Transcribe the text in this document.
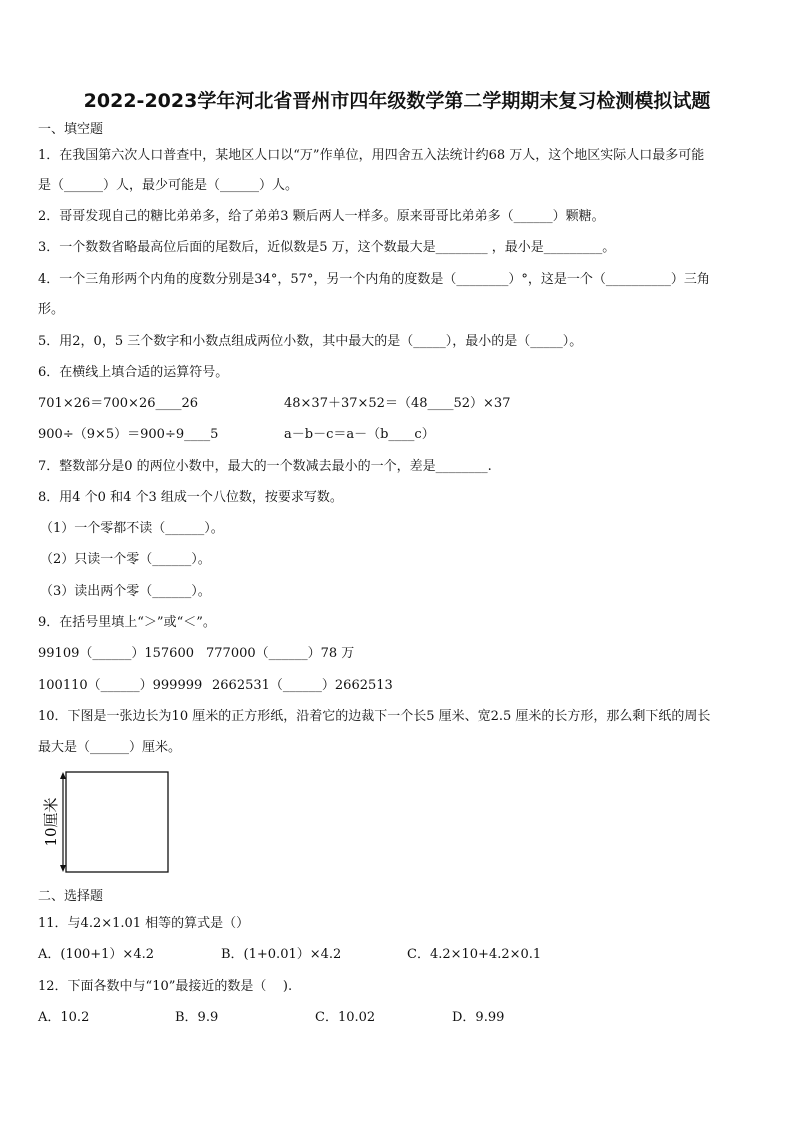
2022-2023学年河北省晋州市四年级数学第二学期期末复习检测模拟试题
一、填空题
1．在我国第六次人口普查中，某地区人口以“万”作单位，用四舍五入法统计约68 万人，这个地区实际人口最多可能
是（______）人，最少可能是（______）人。
2．哥哥发现自己的糖比弟弟多，给了弟弟3 颗后两人一样多。原来哥哥比弟弟多（______）颗糖。
3．一个数数省略最高位后面的尾数后，近似数是5 万，这个数最大是________ ，最小是_________。
4．一个三角形两个内角的度数分别是34°，57°，另一个内角的度数是（________）°，这是一个（__________）三角
形。
5．用2，0，5 三个数字和小数点组成两位小数，其中最大的是（_____），最小的是（_____）。
6．在横线上填合适的运算符号。
701×26＝700×26____26	48×37＋37×52＝（48____52）×37
900÷（9×5）＝900÷9____5	a－b－c＝a－（b____c）
7．整数部分是0 的两位小数中，最大的一个数减去最小的一个，差是________.
8．用4 个0 和4 个3 组成一个八位数，按要求写数。
（1）一个零都不读（______）。
（2）只读一个零（______）。
（3）读出两个零（______）。
9．在括号里填上“＞”或“＜”。
99109（______）157600 777000（______）78 万
100110（______）999999 2662531（______）2662513
10．下图是一张边长为10 厘米的正方形纸，沿着它的边裁下一个长5 厘米、宽2.5 厘米的长方形，那么剩下纸的周长
最大是（______）厘米。
10厘米
二、选择题
11．与4.2×1.01 相等的算式是（）
A．(100+1）×4.2	B．(1+0.01）×4.2	C．4.2×10+4.2×0.1
12．下面各数中与“10”最接近的数是（    ).
A．10.2	B．9.9	C．10.02	D．9.99
